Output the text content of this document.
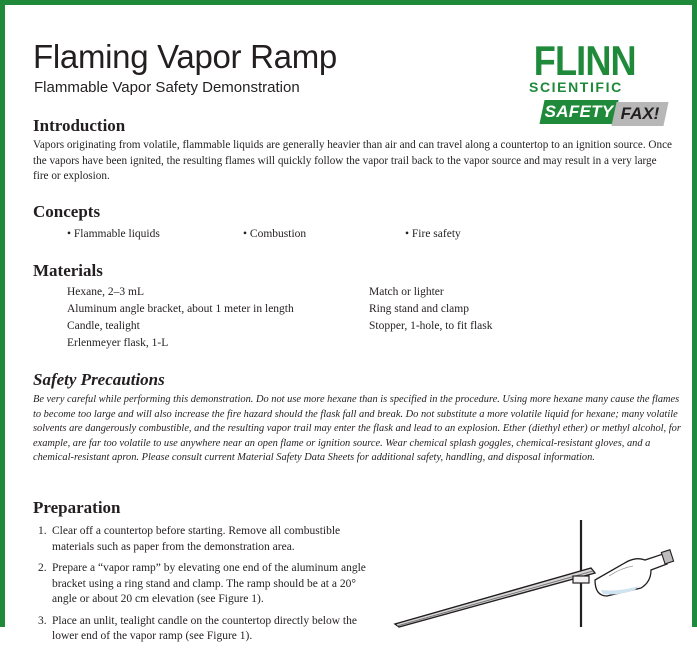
Flaming Vapor Ramp
Flammable Vapor Safety Demonstration
FLINN
SCIENTIFIC
SAFETY FAX!
Introduction
Vapors originating from volatile, flammable liquids are generally heavier than air and can travel along a countertop to an ignition source. Once the vapors have been ignited, the resulting flames will quickly follow the vapor trail back to the vapor source and may result in a very large fire or explosion.
Concepts
• Flammable liquids	• Combustion	• Fire safety
Materials
Hexane, 2–3 mL
Aluminum angle bracket, about 1 meter in length
Candle, tealight
Erlenmeyer flask, 1-L
Match or lighter
Ring stand and clamp
Stopper, 1-hole, to fit flask
Safety Precautions
Be very careful while performing this demonstration. Do not use more hexane than is specified in the procedure. Using more hexane many cause the flames to become too large and will also increase the fire hazard should the flask fall and break. Do not substitute a more volatile liquid for hexane; many volatile solvents are dangerously combustible, and the resulting vapor trail may enter the flask and lead to an explosion. Ether (diethyl ether) or methyl alcohol, for example, are far too volatile to use anywhere near an open flame or ignition source. Wear chemical splash goggles, chemical-resistant gloves, and a chemical-resistant apron. Please consult current Material Safety Data Sheets for additional safety, handling, and disposal information.
Preparation
1. Clear off a countertop before starting. Remove all combustible materials such as paper from the demonstration area.
2. Prepare a “vapor ramp” by elevating one end of the aluminum angle bracket using a ring stand and clamp. The ramp should be at a 20° angle or about 20 cm elevation (see Figure 1).
3. Place an unlit, tealight candle on the countertop directly below the lower end of the vapor ramp (see Figure 1).
